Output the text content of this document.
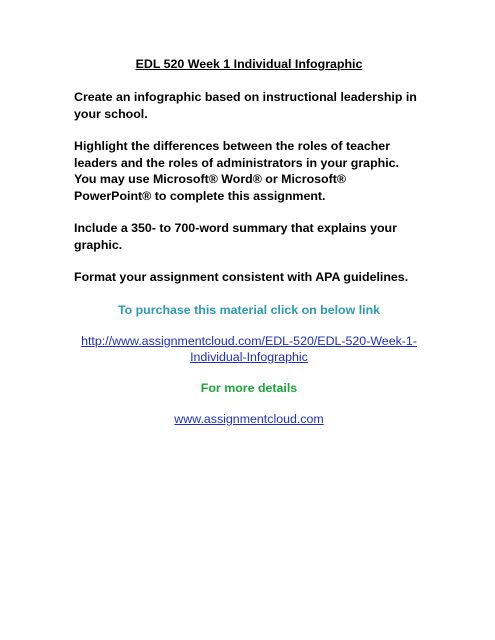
EDL 520 Week 1 Individual Infographic

Create an infographic based on instructional leadership in your school.

Highlight the differences between the roles of teacher leaders and the roles of administrators in your graphic. You may use Microsoft® Word® or Microsoft® PowerPoint® to complete this assignment.

Include a 350- to 700-word summary that explains your graphic.

Format your assignment consistent with APA guidelines.

To purchase this material click on below link

http://www.assignmentcloud.com/EDL-520/EDL-520-Week-1-
Individual-Infographic

For more details

www.assignmentcloud.com
